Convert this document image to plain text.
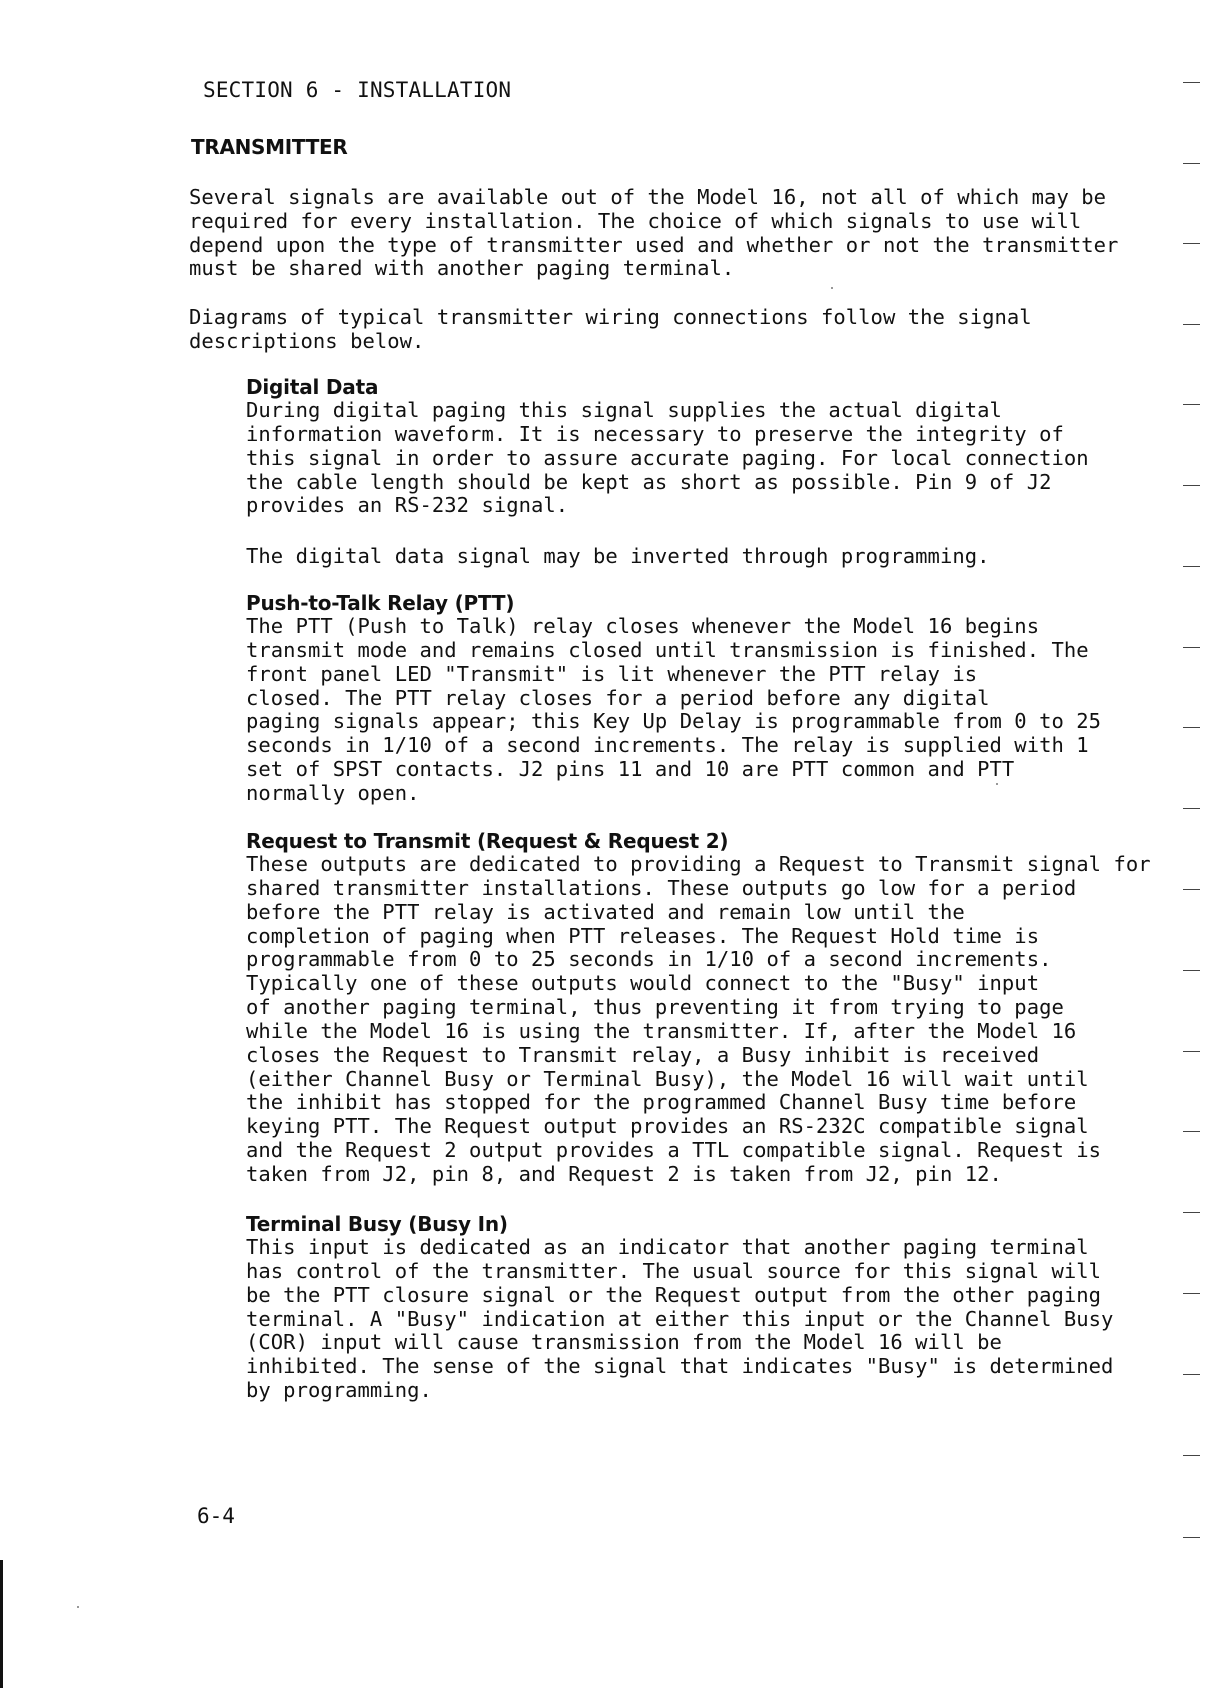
SECTION 6 - INSTALLATION
TRANSMITTER
Several signals are available out of the Model 16, not all of which may be
required for every installation. The choice of which signals to use will
depend upon the type of transmitter used and whether or not the transmitter
must be shared with another paging terminal.
Diagrams of typical transmitter wiring connections follow the signal
descriptions below.
Digital Data
During digital paging this signal supplies the actual digital
information waveform. It is necessary to preserve the integrity of
this signal in order to assure accurate paging. For local connection
the cable length should be kept as short as possible. Pin 9 of J2
provides an RS-232 signal.
The digital data signal may be inverted through programming.
Push-to-Talk Relay (PTT)
The PTT (Push to Talk) relay closes whenever the Model 16 begins
transmit mode and remains closed until transmission is finished. The
front panel LED "Transmit" is lit whenever the PTT relay is
closed. The PTT relay closes for a period before any digital
paging signals appear; this Key Up Delay is programmable from 0 to 25
seconds in 1/10 of a second increments. The relay is supplied with 1
set of SPST contacts. J2 pins 11 and 10 are PTT common and PTT
normally open.
Request to Transmit (Request & Request 2)
These outputs are dedicated to providing a Request to Transmit signal for
shared transmitter installations. These outputs go low for a period
before the PTT relay is activated and remain low until the
completion of paging when PTT releases. The Request Hold time is
programmable from 0 to 25 seconds in 1/10 of a second increments.
Typically one of these outputs would connect to the "Busy" input
of another paging terminal, thus preventing it from trying to page
while the Model 16 is using the transmitter. If, after the Model 16
closes the Request to Transmit relay, a Busy inhibit is received
(either Channel Busy or Terminal Busy), the Model 16 will wait until
the inhibit has stopped for the programmed Channel Busy time before
keying PTT. The Request output provides an RS-232C compatible signal
and the Request 2 output provides a TTL compatible signal. Request is
taken from J2, pin 8, and Request 2 is taken from J2, pin 12.
Terminal Busy (Busy In)
This input is dedicated as an indicator that another paging terminal
has control of the transmitter. The usual source for this signal will
be the PTT closure signal or the Request output from the other paging
terminal. A "Busy" indication at either this input or the Channel Busy
(COR) input will cause transmission from the Model 16 will be
inhibited. The sense of the signal that indicates "Busy" is determined
by programming.
6-4
